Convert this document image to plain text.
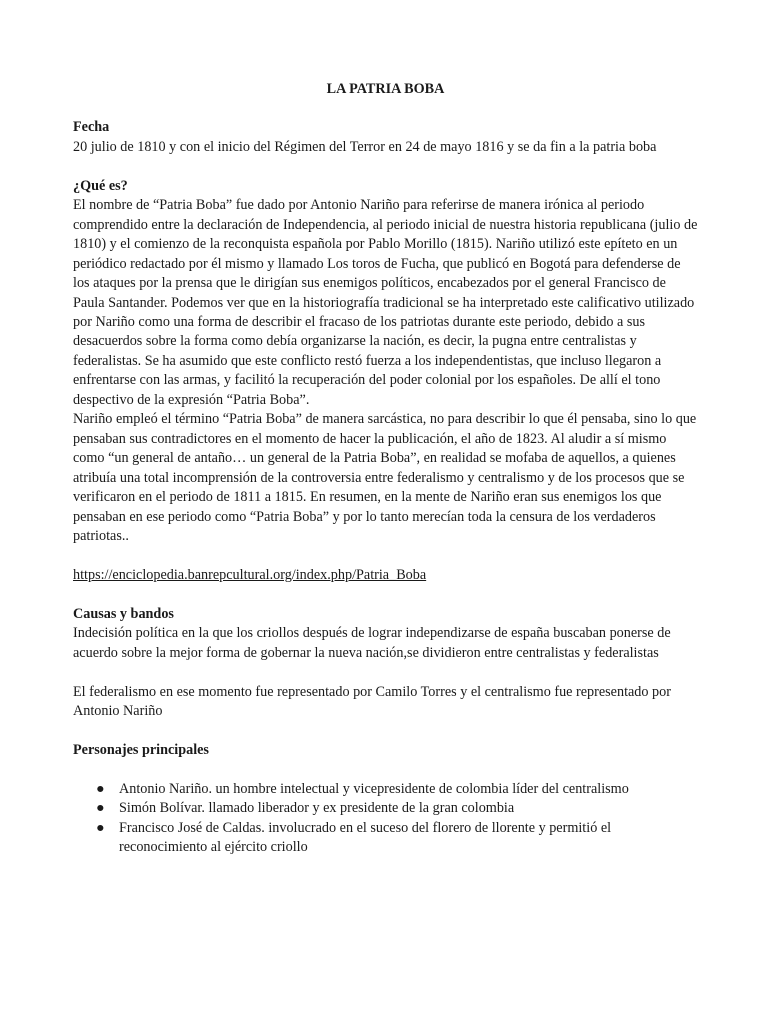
LA PATRIA BOBA

Fecha

20 julio de 1810 y con el inicio del Régimen del Terror en 24 de mayo 1816 y se da fin a la patria boba

¿Qué es?

El nombre de “Patria Boba” fue dado por Antonio Nariño para referirse de manera irónica al periodo comprendido entre la declaración de Independencia, al periodo inicial de nuestra historia republicana (julio de 1810) y el comienzo de la reconquista española por Pablo Morillo (1815). Nariño utilizó este epíteto en un periódico redactado por él mismo y llamado Los toros de Fucha, que publicó en Bogotá para defenderse de los ataques por la prensa que le dirigían sus enemigos políticos, encabezados por el general Francisco de Paula Santander. Podemos ver que en la historiografía tradicional se ha interpretado este calificativo utilizado por Nariño como una forma de describir el fracaso de los patriotas durante este periodo, debido a sus desacuerdos sobre la forma como debía organizarse la nación, es decir, la pugna entre centralistas y federalistas. Se ha asumido que este conflicto restó fuerza a los independentistas, que incluso llegaron a enfrentarse con las armas, y facilitó la recuperación del poder colonial por los españoles. De allí el tono despectivo de la expresión “Patria Boba”.

Nariño empleó el término “Patria Boba” de manera sarcástica, no para describir lo que él pensaba, sino lo que pensaban sus contradictores en el momento de hacer la publicación, el año de 1823. Al aludir a sí mismo como “un general de antaño… un general de la Patria Boba”, en realidad se mofaba de aquellos, a quienes atribuía una total incomprensión de la controversia entre federalismo y centralismo y de los procesos que se verificaron en el periodo de 1811 a 1815. En resumen, en la mente de Nariño eran sus enemigos los que pensaban en ese periodo como “Patria Boba” y por lo tanto merecían toda la censura de los verdaderos patriotas..

https://enciclopedia.banrepcultural.org/index.php/Patria_Boba

Causas y bandos

Indecisión política en la que los criollos después de lograr independizarse de españa buscaban ponerse de acuerdo sobre la mejor forma de gobernar la nueva nación,se dividieron entre centralistas y federalistas

El federalismo en ese momento fue representado por Camilo Torres y el centralismo fue representado por Antonio Nariño

Personajes principales

● Antonio Nariño. un hombre intelectual y vicepresidente de colombia líder del centralismo
● Simón Bolívar. llamado liberador y ex presidente de la gran colombia
● Francisco José de Caldas. involucrado en el suceso del florero de llorente y permitió el reconocimiento al ejército criollo
